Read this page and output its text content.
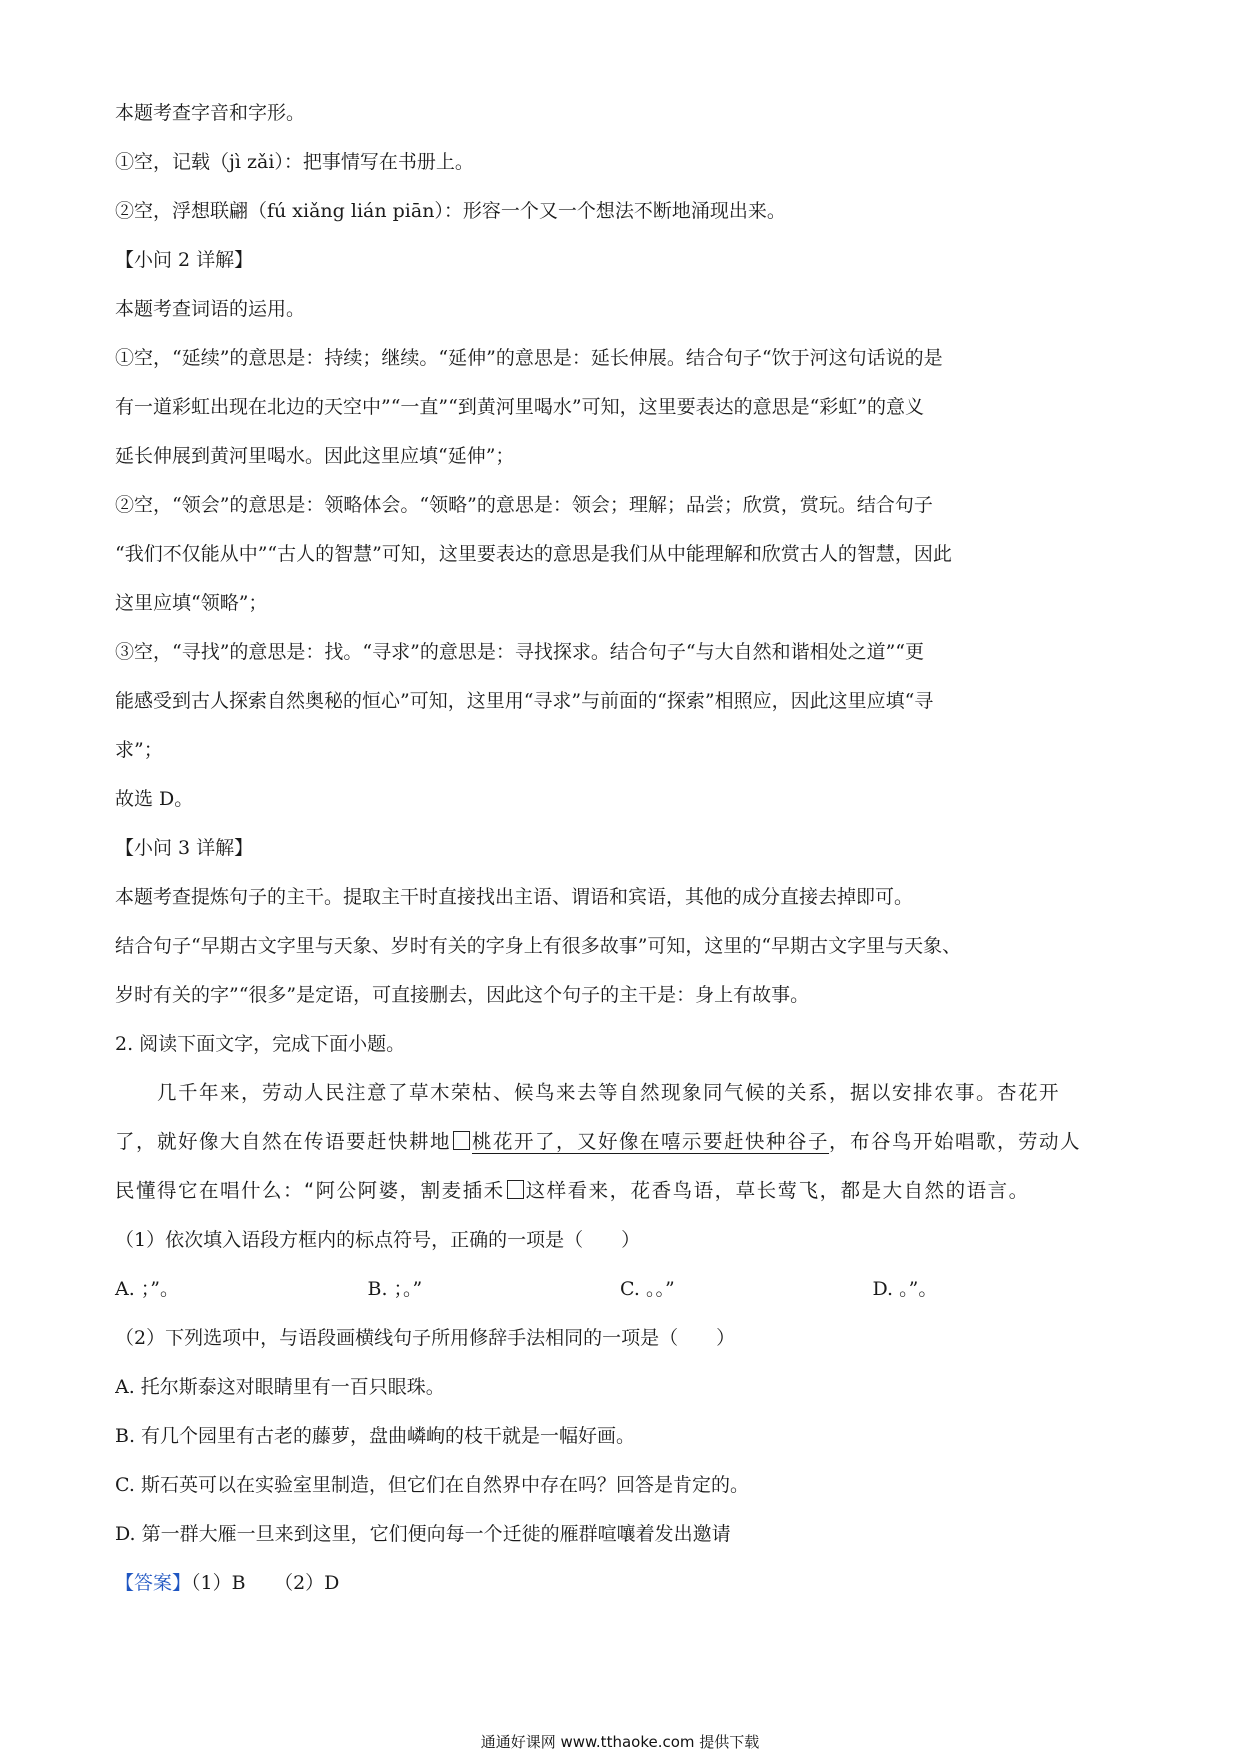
本题考查字音和字形。
①空，记载（jì zǎi）：把事情写在书册上。
②空，浮想联翩（fú xiǎng lián piān）：形容一个又一个想法不断地涌现出来。
【小问 2 详解】
本题考查词语的运用。
①空，“延续”的意思是：持续；继续。“延伸”的意思是：延长伸展。结合句子“饮于河这句话说的是
有一道彩虹出现在北边的天空中”“一直”“到黄河里喝水”可知，这里要表达的意思是“彩虹”的意义
延长伸展到黄河里喝水。因此这里应填“延伸”；
②空，“领会”的意思是：领略体会。“领略”的意思是：领会；理解；品尝；欣赏，赏玩。结合句子
“我们不仅能从中”“古人的智慧”可知，这里要表达的意思是我们从中能理解和欣赏古人的智慧，因此
这里应填“领略”；
③空，“寻找”的意思是：找。“寻求”的意思是：寻找探求。结合句子“与大自然和谐相处之道”“更
能感受到古人探索自然奥秘的恒心”可知，这里用“寻求”与前面的“探索”相照应，因此这里应填“寻
求”；
故选 D。
【小问 3 详解】
本题考查提炼句子的主干。提取主干时直接找出主语、谓语和宾语，其他的成分直接去掉即可。
结合句子“早期古文字里与天象、岁时有关的字身上有很多故事”可知，这里的“早期古文字里与天象、
岁时有关的字”“很多”是定语，可直接删去，因此这个句子的主干是：身上有故事。
2. 阅读下面文字，完成下面小题。
几千年来，劳动人民注意了草木荣枯、候鸟来去等自然现象同气候的关系，据以安排农事。杏花开
了，就好像大自然在传语要赶快耕地 桃花开了，又好像在嘻示要赶快种谷子，布谷鸟开始唱歌，劳动人
民懂得它在唱什么：“阿公阿婆，割麦插禾 这样看来，花香鸟语，草长莺飞，都是大自然的语言。
（1）依次填入语段方框内的标点符号，正确的一项是（　　）
A. ；”。	B. ；。”	C. 。。”	D. 。”。
（2）下列选项中，与语段画横线句子所用修辞手法相同的一项是（　　）
A. 托尔斯泰这对眼睛里有一百只眼珠。
B. 有几个园里有古老的藤萝，盘曲嶙峋的枝干就是一幅好画。
C. 斯石英可以在实验室里制造，但它们在自然界中存在吗？回答是肯定的。
D. 第一群大雁一旦来到这里，它们便向每一个迁徙的雁群喧嚷着发出邀请
【答案】（1）B　　（2）D
通通好课网 www.tthaoke.com 提供下载
